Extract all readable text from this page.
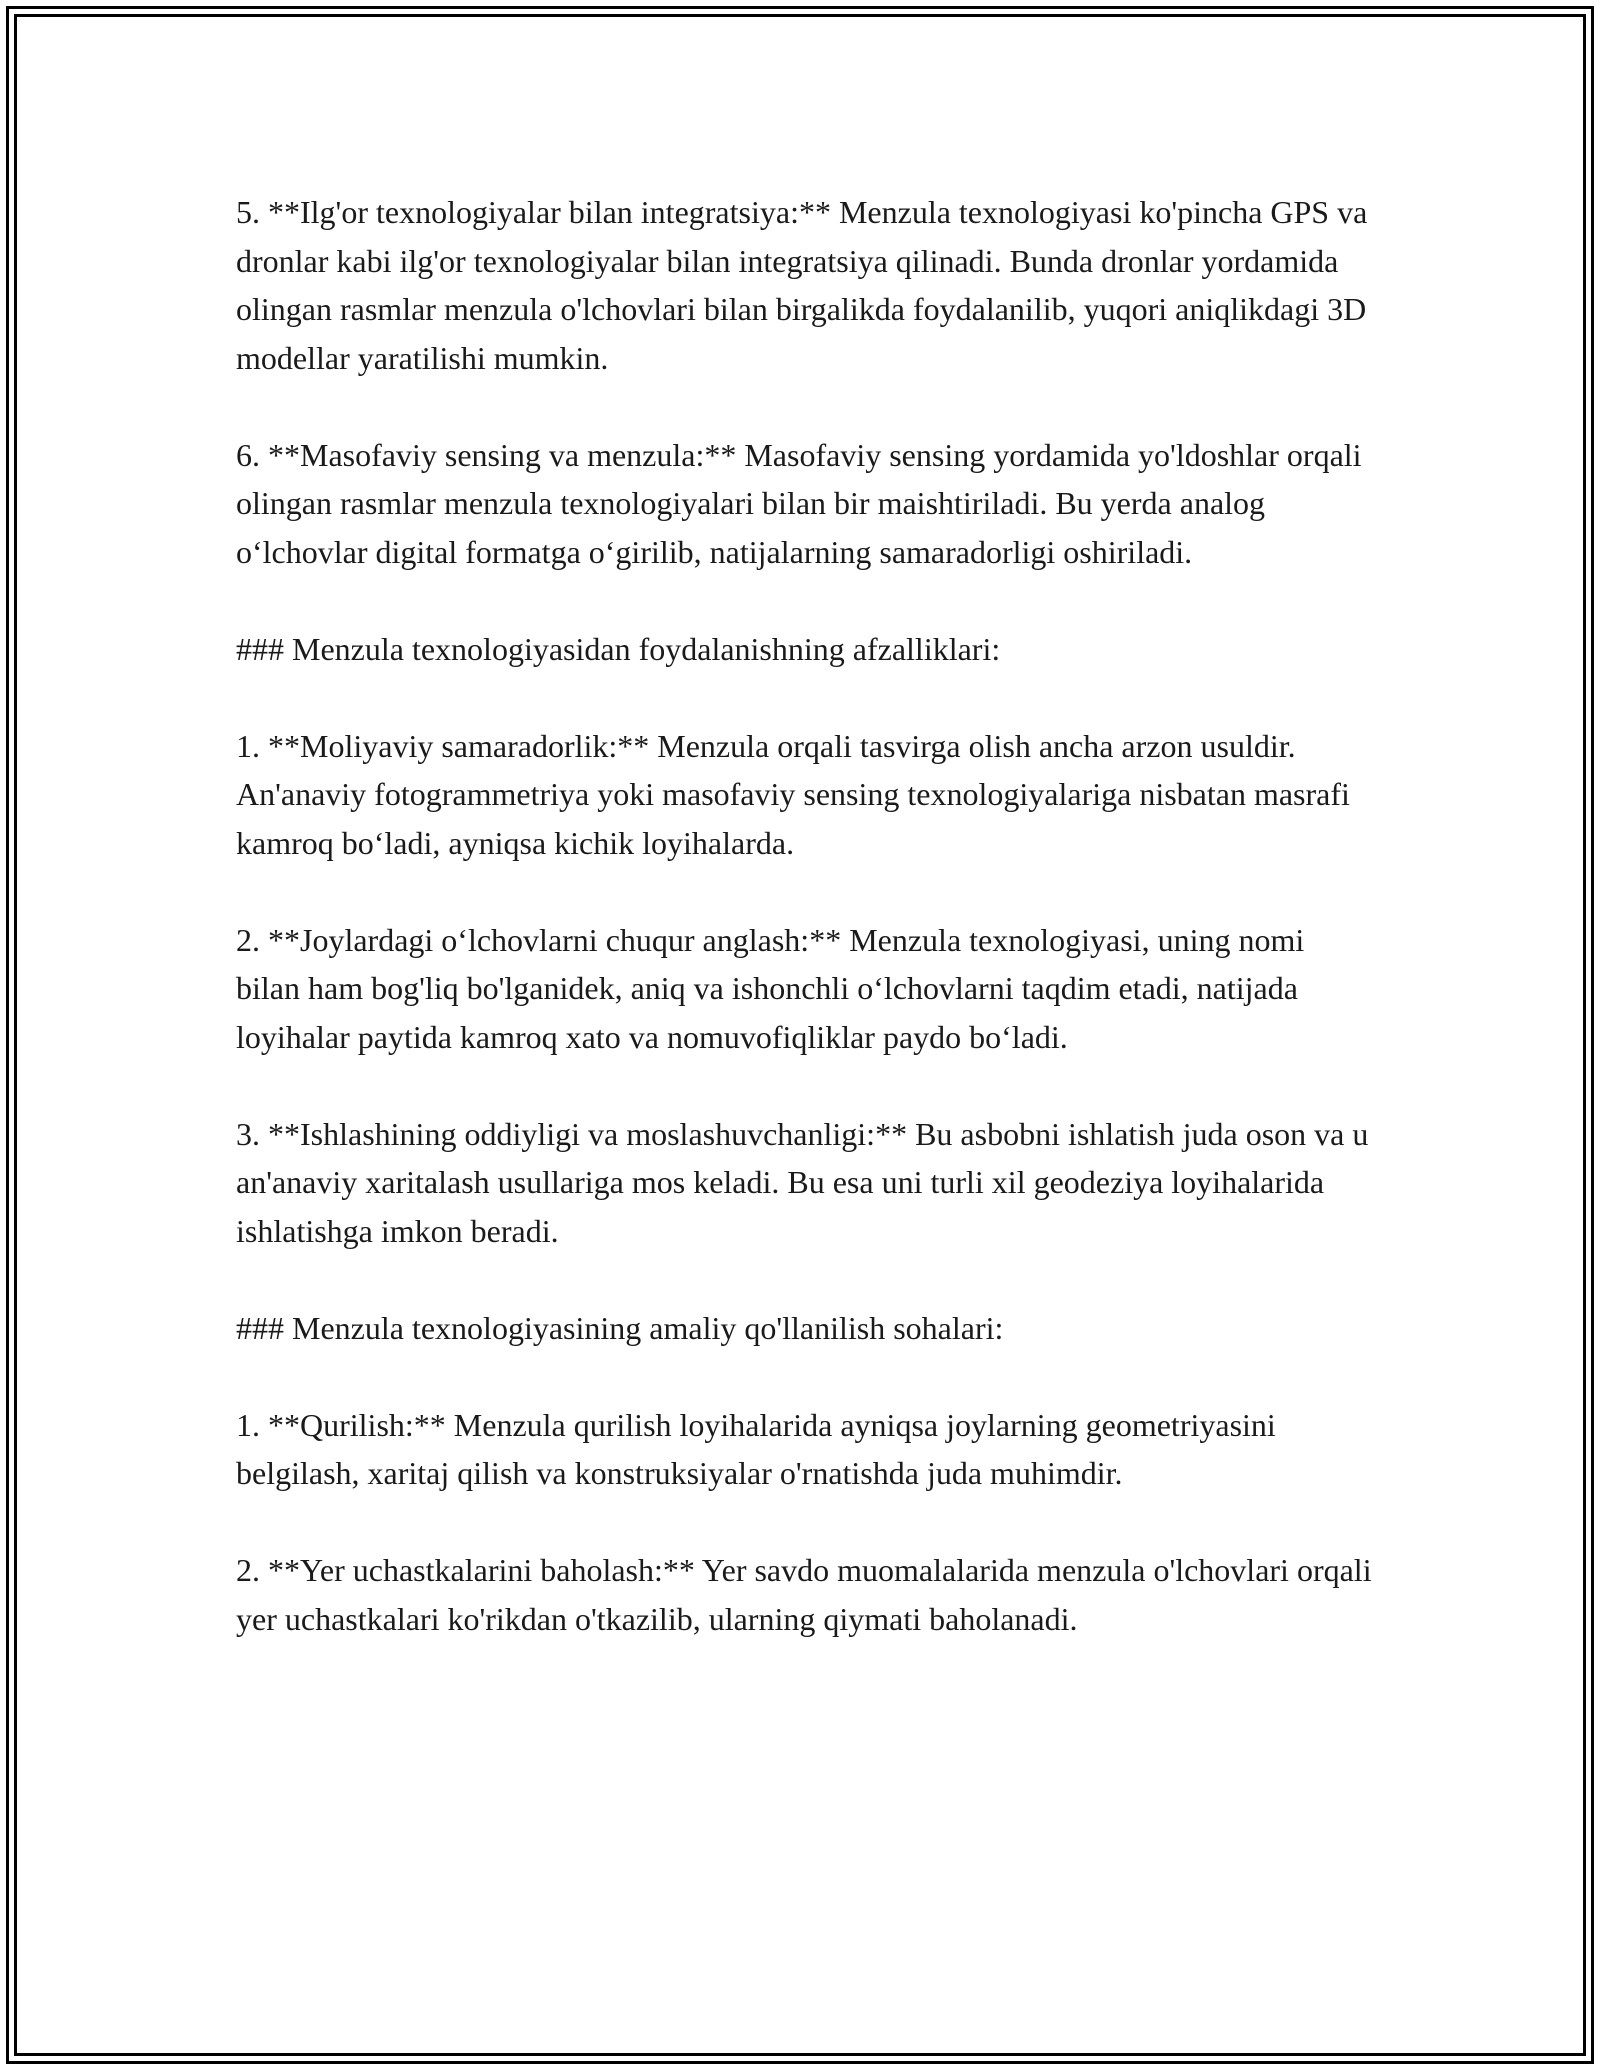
5. **Ilg'or texnologiyalar bilan integratsiya:** Menzula texnologiyasi ko'pincha GPS va dronlar kabi ilg'or texnologiyalar bilan integratsiya qilinadi. Bunda dronlar yordamida olingan rasmlar menzula o'lchovlari bilan birgalikda foydalanilib, yuqori aniqlikdagi 3D modellar yaratilishi mumkin.

6. **Masofaviy sensing va menzula:** Masofaviy sensing yordamida yo'ldoshlar orqali olingan rasmlar menzula texnologiyalari bilan bir maishtiriladi. Bu yerda analog o‘lchovlar digital formatga o‘girilib, natijalarning samaradorligi oshiriladi.

### Menzula texnologiyasidan foydalanishning afzalliklari:

1. **Moliyaviy samaradorlik:** Menzula orqali tasvirga olish ancha arzon usuldir. An'anaviy fotogrammetriya yoki masofaviy sensing texnologiyalariga nisbatan masrafi kamroq bo‘ladi, ayniqsa kichik loyihalarda.

2. **Joylardagi o‘lchovlarni chuqur anglash:** Menzula texnologiyasi, uning nomi bilan ham bog'liq bo'lganidek, aniq va ishonchli o‘lchovlarni taqdim etadi, natijada loyihalar paytida kamroq xato va nomuvofiqliklar paydo bo‘ladi.

3. **Ishlashining oddiyligi va moslashuvchanligi:** Bu asbobni ishlatish juda oson va u an'anaviy xaritalash usullariga mos keladi. Bu esa uni turli xil geodeziya loyihalarida ishlatishga imkon beradi.

### Menzula texnologiyasining amaliy qo'llanilish sohalari:

1. **Qurilish:** Menzula qurilish loyihalarida ayniqsa joylarning geometriyasini belgilash, xaritaj qilish va konstruksiyalar o'rnatishda juda muhimdir.

2. **Yer uchastkalarini baholash:** Yer savdo muomalalarida menzula o'lchovlari orqali yer uchastkalari ko'rikdan o'tkazilib, ularning qiymati baholanadi.
